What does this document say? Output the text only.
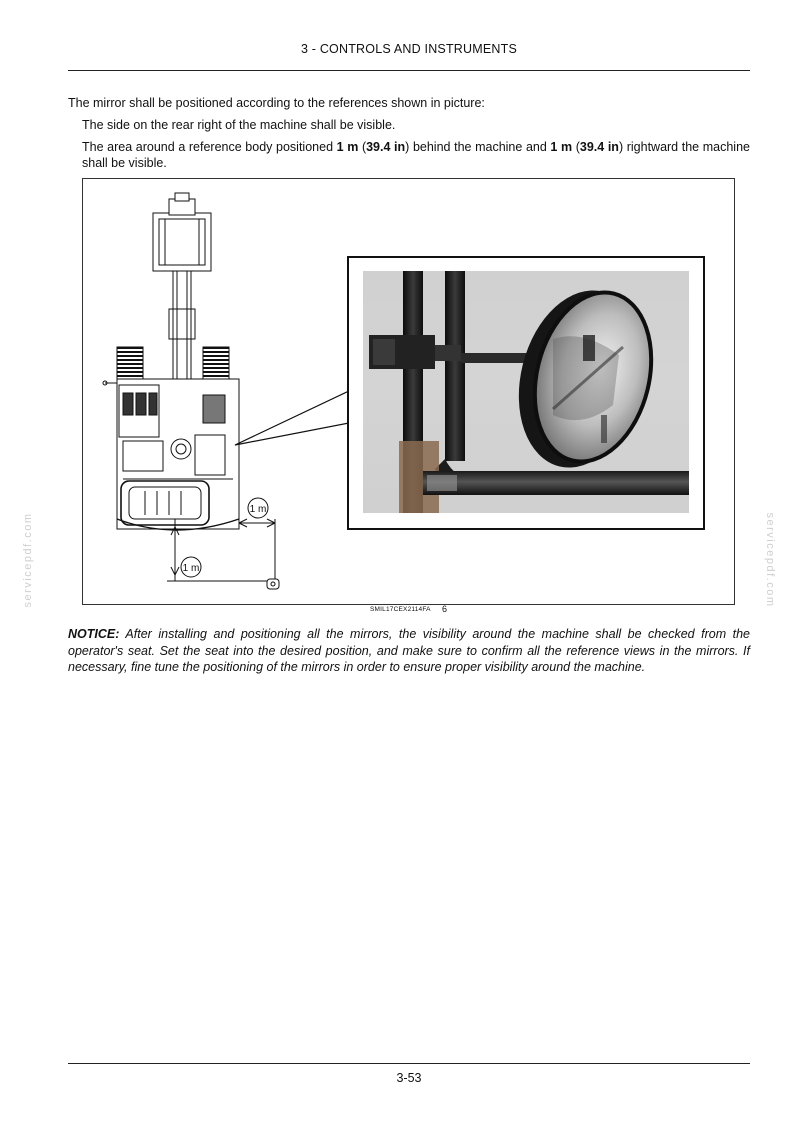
3 - CONTROLS AND INSTRUMENTS
The mirror shall be positioned according to the references shown in picture:
The side on the rear right of the machine shall be visible.
The area around a reference body positioned 1 m (39.4 in) behind the machine and 1 m (39.4 in) rightward the machine shall be visible.
1 m
1 m
SMIL17CEX2114FA 6
NOTICE: After installing and positioning all the mirrors, the visibility around the machine shall be checked from the operator's seat. Set the seat into the desired position, and make sure to confirm all the reference views in the mirrors. If necessary, fine tune the positioning of the mirrors in order to ensure proper visibility around the machine.
3-53
servicepdf.com	servicepdf.com
